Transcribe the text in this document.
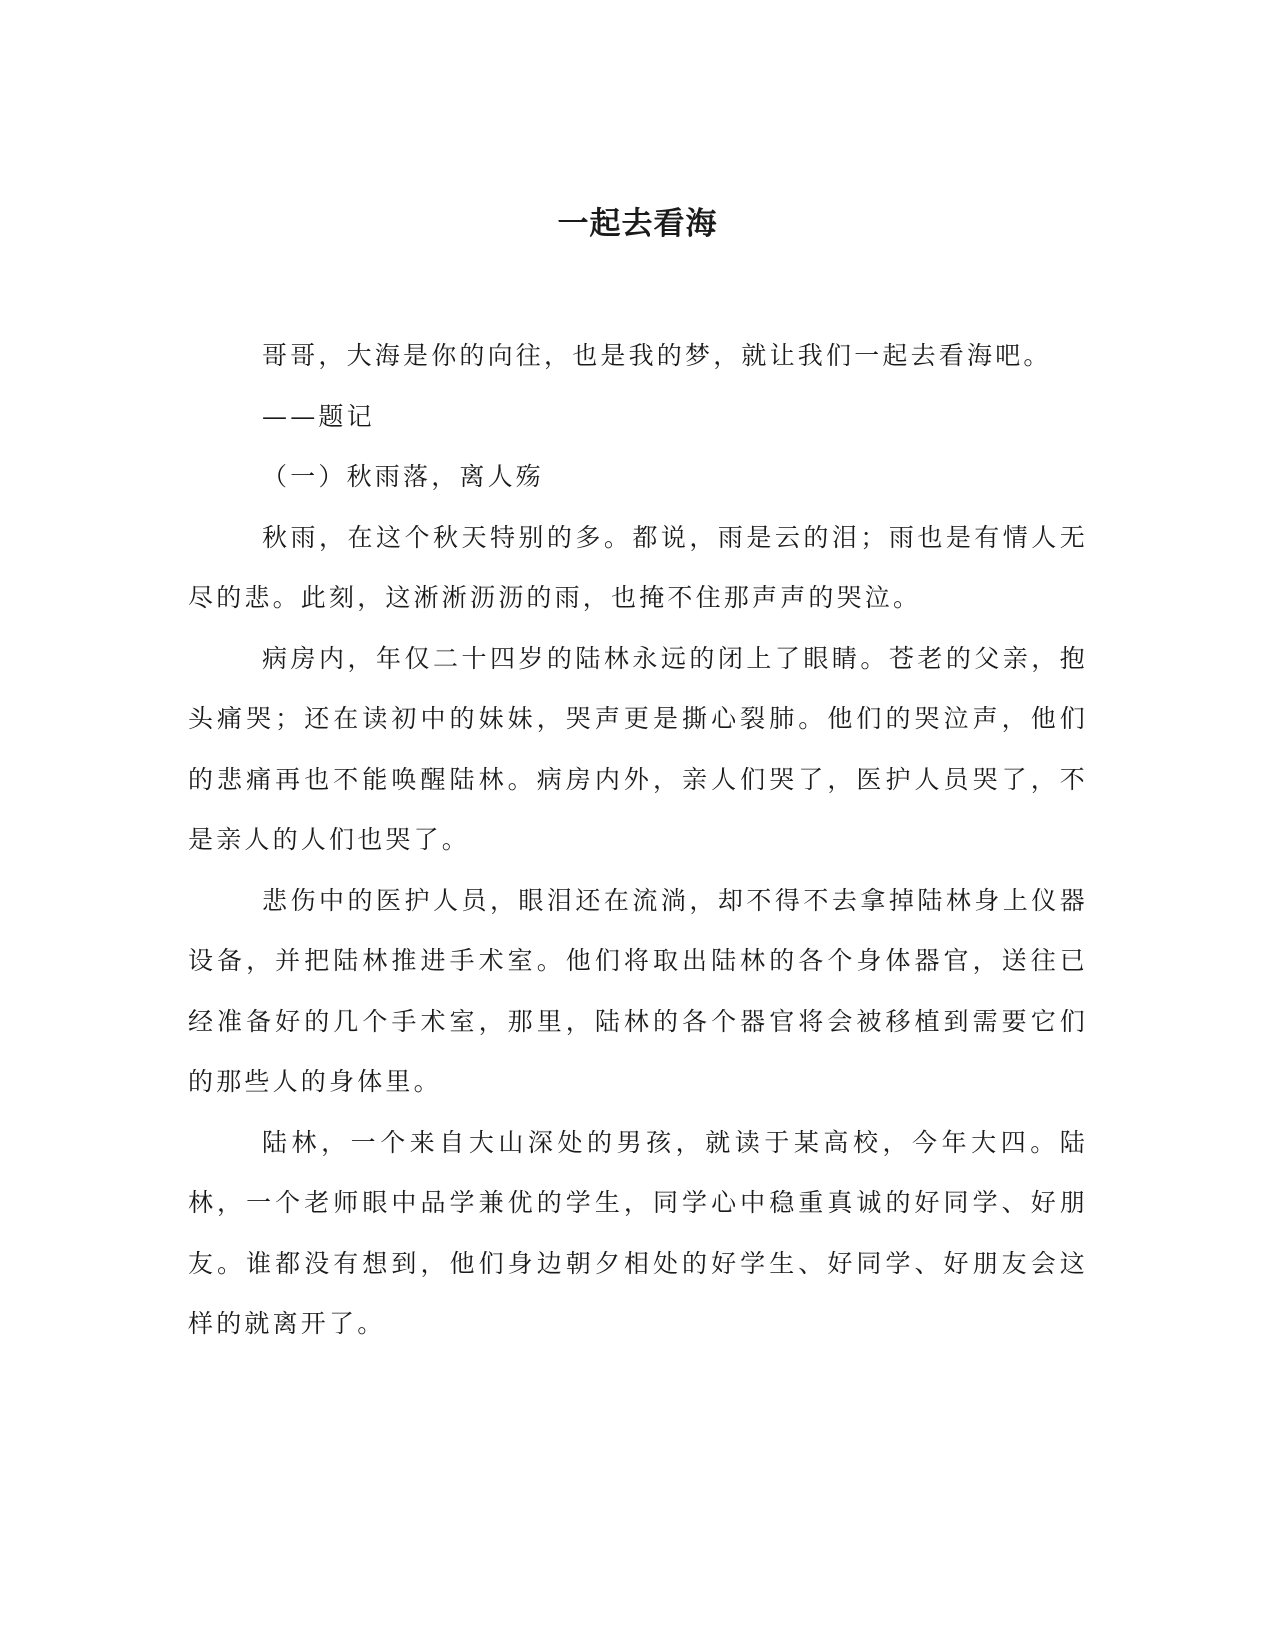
一起去看海

哥哥，大海是你的向往，也是我的梦，就让我们一起去看海吧。

——题记

（一）秋雨落，离人殇

秋雨，在这个秋天特别的多。都说，雨是云的泪；雨也是有情人无尽的悲。此刻，这淅淅沥沥的雨，也掩不住那声声的哭泣。

病房内，年仅二十四岁的陆林永远的闭上了眼睛。苍老的父亲，抱头痛哭；还在读初中的妹妹，哭声更是撕心裂肺。他们的哭泣声，他们的悲痛再也不能唤醒陆林。病房内外，亲人们哭了，医护人员哭了，不是亲人的人们也哭了。

悲伤中的医护人员，眼泪还在流淌，却不得不去拿掉陆林身上仪器设备，并把陆林推进手术室。他们将取出陆林的各个身体器官，送往已经准备好的几个手术室，那里，陆林的各个器官将会被移植到需要它们的那些人的身体里。

陆林，一个来自大山深处的男孩，就读于某高校，今年大四。陆林，一个老师眼中品学兼优的学生，同学心中稳重真诚的好同学、好朋友。谁都没有想到，他们身边朝夕相处的好学生、好同学、好朋友会这样的就离开了。
